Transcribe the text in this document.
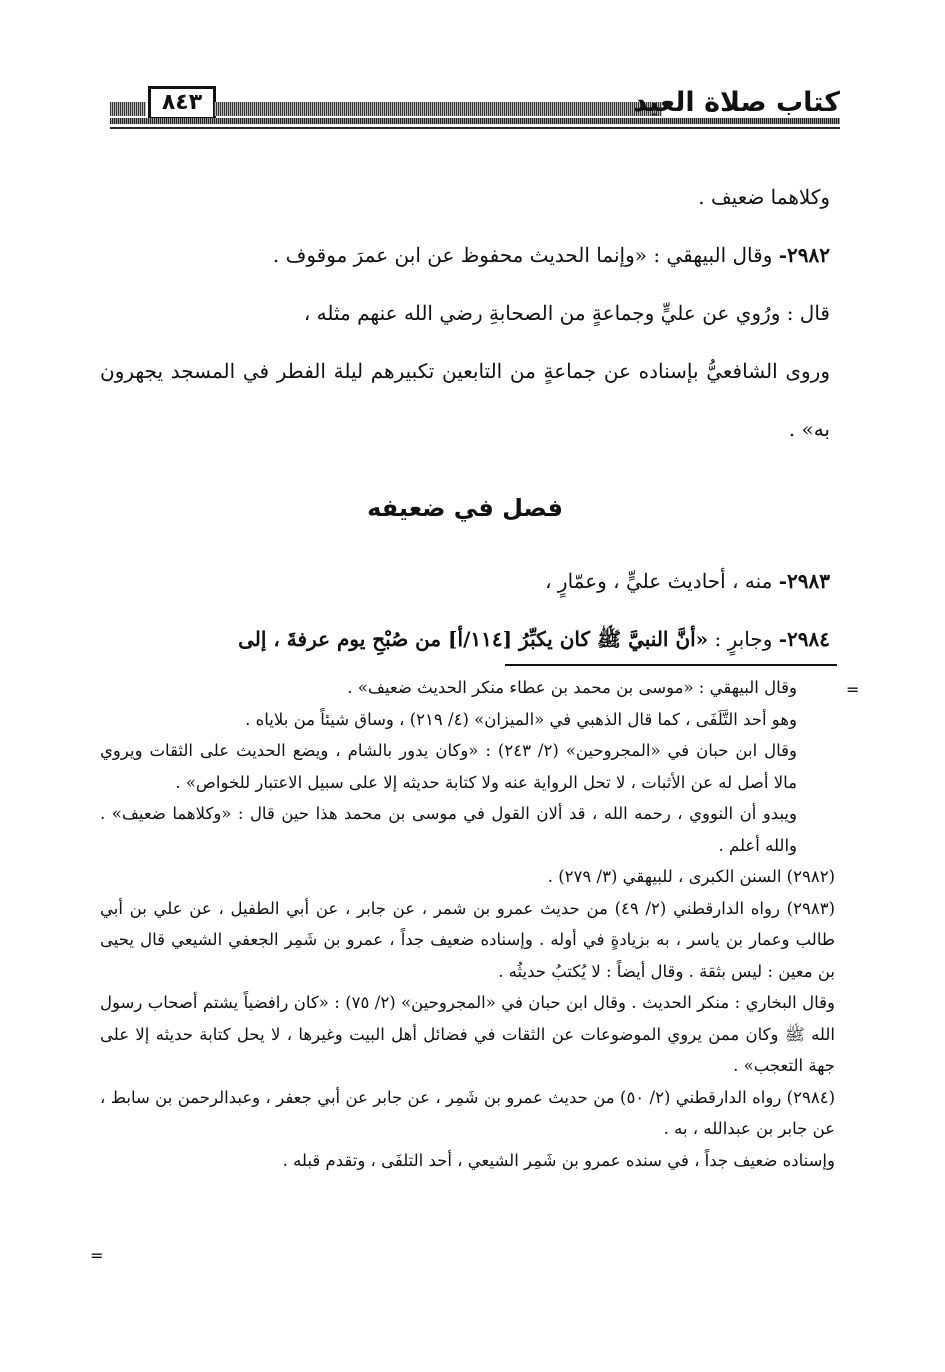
٨٤٣	كتاب صلاة العيد

وكلاهما ضعيف .

٢٩٨٢- وقال البيهقي : «وإنما الحديث محفوظ عن ابن عمرَ موقوف .

قال : ورُوي عن عليٍّ وجماعةٍ من الصحابةِ رضي الله عنهم مثله ،

وروى الشافعيُّ بإسناده عن جماعةٍ من التابعين تكبيرهم ليلة الفطر في المسجد يجهرون به» .

فصل في ضعيفه

٢٩٨٣- منه ، أحاديث عليٍّ ، وعمّارٍ ،

٢٩٨٤- وجابرٍ : «أنَّ النبيَّ ﷺ كان يكبِّرُ [١١٤/أ] من صُبْحِ يوم عرفةَ ، إلى

=

وقال البيهقي : «موسى بن محمد بن عطاء منكر الحديث ضعيف» .

وهو أحد التَّلَفَى ، كما قال الذهبي في «الميزان» (٤/ ٢١٩) ، وساق شيئاً من بلاياه .

وقال ابن حبان في «المجروحين» (٢/ ٢٤٣) : «وكان يدور بالشام ، ويضع الحديث على الثقات ويروي مالا أصل له عن الأثبات ، لا تحل الرواية عنه ولا كتابة حديثه إلا على سبيل الاعتبار للخواص» .

ويبدو أن النووي ، رحمه الله ، قد ألان القول في موسى بن محمد هذا حين قال : «وكلاهما ضعيف» . والله أعلم .

(٢٩٨٢) السنن الكبرى ، للبيهقي (٣/ ٢٧٩) .

(٢٩٨٣) رواه الدارقطني (٢/ ٤٩) من حديث عمرو بن شمر ، عن جابر ، عن أبي الطفيل ، عن علي بن أبي طالب وعمار بن ياسر ، به بزيادةٍ في أوله . وإسناده ضعيف جداً ، عمرو بن شَمِر الجعفي الشيعي قال يحيى بن معين : ليس بثقة . وقال أيضاً : لا يُكتبُ حديثُه .

وقال البخاري : منكر الحديث . وقال ابن حبان في «المجروحين» (٢/ ٧٥) : «كان رافضياً يشتم أصحاب رسول الله ﷺ وكان ممن يروي الموضوعات عن الثقات في فضائل أهل البيت وغيرها ، لا يحل كتابة حديثه إلا على جهة التعجب» .

(٢٩٨٤) رواه الدارقطني (٢/ ٥٠) من حديث عمرو بن شَمِر ، عن جابر عن أبي جعفر ، وعبدالرحمن بن سابط ، عن جابر بن عبدالله ، به .

وإسناده ضعيف جداً ، في سنده عمرو بن شَمِر الشيعي ، أحد التلفَى ، وتقدم قبله .

=
